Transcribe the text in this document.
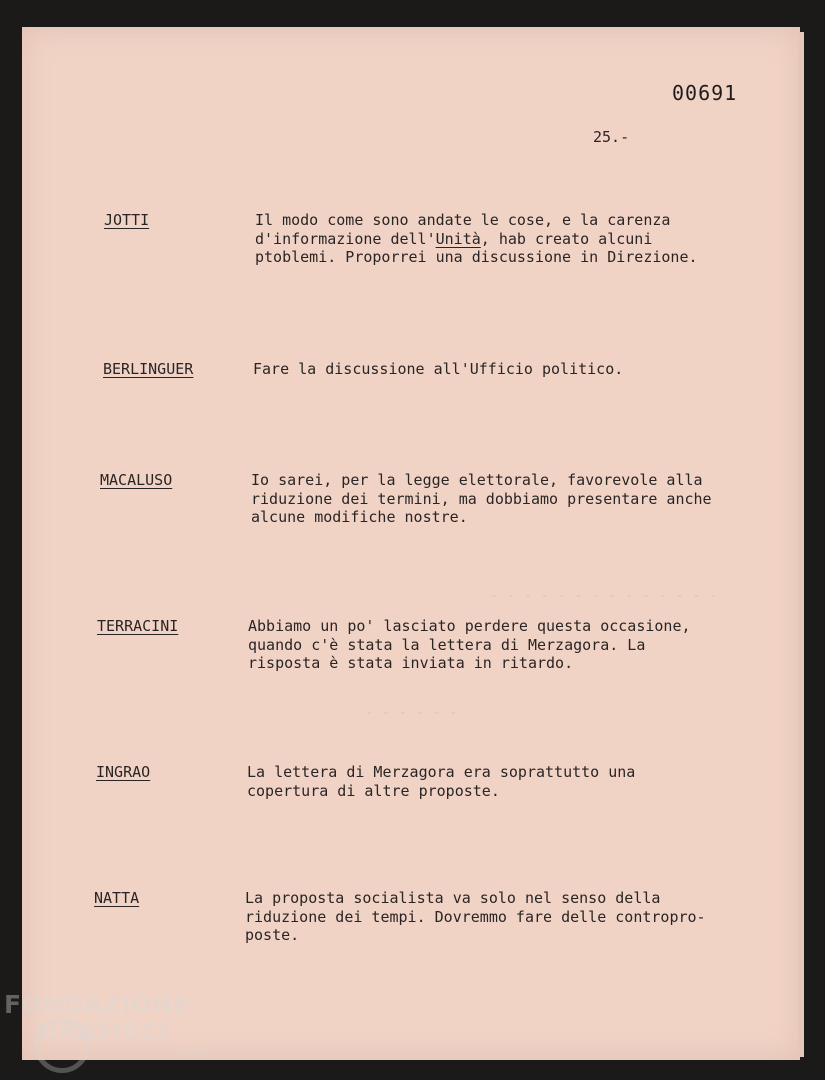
- - - - - - - - - - - - - -
- - - - - -
00691
25.-
JOTTI	Il modo come sono andate le cose, e la carenza
d'informazione dell'Unità, hab creato alcuni
ptoblemi. Proporrei una discussione in Direzione.
BERLINGUER	Fare la discussione all'Ufficio politico.
MACALUSO	Io sarei, per la legge elettorale, favorevole alla
riduzione dei termini, ma dobbiamo presentare anche
alcune modifiche nostre.
TERRACINI	Abbiamo un po' lasciato perdere questa occasione,
quando c'è stata la lettera di Merzagora. La
risposta è stata inviata in ritardo.
INGRAO	La lettera di Merzagora era soprattutto una
copertura di altre proposte.
NATTA	La proposta socialista va solo nel senso della
riduzione dei tempi. Dovremmo fare delle contropro-
poste.
FONDAZIONE
GRAMSCI
onlus
